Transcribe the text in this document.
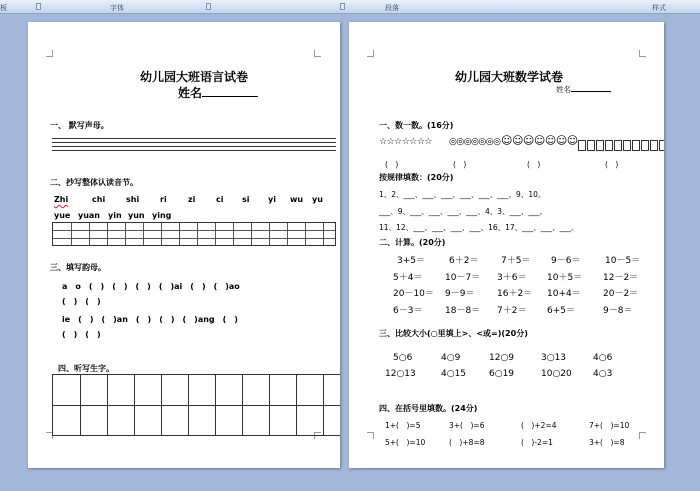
板	字体	段落	样式
幼儿园大班语言试卷
姓名
一、 默写声母。
二、抄写整体认读音节。
Zhi	chi	shi	ri	zi	ci si yi wu yu
yue yuan yin yun ying
三、填写韵母。
a　o　(　)　(　)　(　)　(　)ai　(　)　(　)ao
(　)　(　)
ie　(　)　(　)an　(　)　(　)　(　)ang　(　)
(　)　(　)
四、听写生字。
幼儿园大班数学试卷
姓名
一、数一数。(16分)
☆☆☆☆☆☆☆ ◎◎◎◎◎◎◎ ☺☺☺☺☺☺☺
(　)	(　)	(　)	(　)
按规律填数：(20分)
1、2、___、___、___、___、___、___、9、10。
___、9、___、___、___、___、4、3、___、___。
11、12、___、___、___、___、16、17、___、___、___。
二、计算。(20分)
3+5＝	6＋2＝	7＋5＝ 9－6＝	10－5＝
5＋4＝	10－7＝ 3＋6＝ 10＋5＝ 12－2＝
20－10＝ 9－9＝	16＋2＝ 10+4＝ 20－2＝
6－3＝	18－8＝ 7＋2＝ 6+5＝	9－8＝
三、比较大小(○里填上>、<或=)(20分)
5○6	4○9	12○9	3○13	4○6
12○13	4○15	6○19	10○20 4○3
四、在括号里填数。(24分)
1+(　)=5	3+(　)=6	(　)+2=4	7+(　)=10
5+(　)=10	(　)+8=8	(　)-2=1	3+(　)=8
